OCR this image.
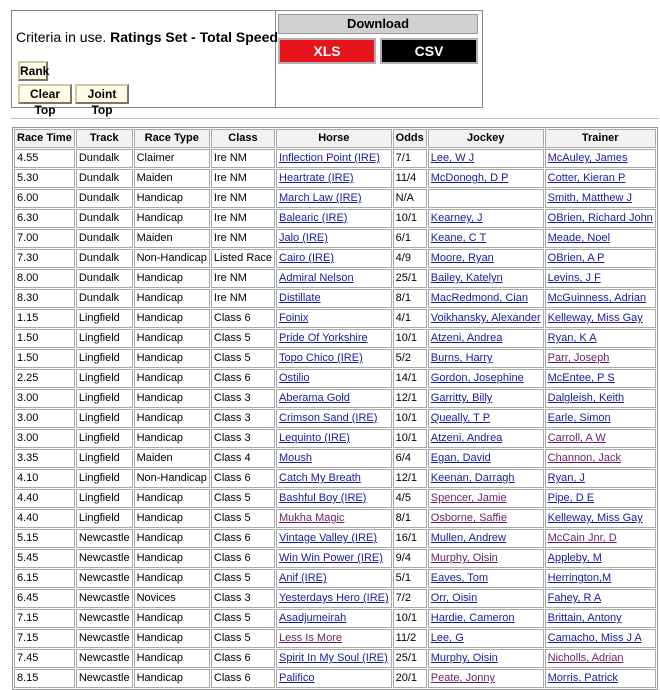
Criteria in use. Ratings Set - Total Speed
Rank
Clear Top
Joint Top
Download
XLS	CSV
Race Time	Track	Race Type	Class	Horse	Odds	Jockey	Trainer
4.55	Dundalk	Claimer	Ire NM	Inflection Point (IRE)	7/1	Lee, W J	McAuley, James
5.30	Dundalk	Maiden	Ire NM	Heartrate (IRE)	11/4	McDonogh, D P	Cotter, Kieran P
6.00	Dundalk	Handicap	Ire NM	March Law (IRE)	N/A		Smith, Matthew J
6.30	Dundalk	Handicap	Ire NM	Balearic (IRE)	10/1	Kearney, J	OBrien, Richard John
7.00	Dundalk	Maiden	Ire NM	Jalo (IRE)	6/1	Keane, C T	Meade, Noel
7.30	Dundalk	Non-Handicap	Listed Race	Cairo (IRE)	4/9	Moore, Ryan	OBrien, A P
8.00	Dundalk	Handicap	Ire NM	Admiral Nelson	25/1	Bailey, Katelyn	Levins, J F
8.30	Dundalk	Handicap	Ire NM	Distillate	8/1	MacRedmond, Cian	McGuinness, Adrian
1.15	Lingfield	Handicap	Class 6	Foinix	4/1	Voikhansky, Alexander	Kelleway, Miss Gay
1.50	Lingfield	Handicap	Class 5	Pride Of Yorkshire	10/1	Atzeni, Andrea	Ryan, K A
1.50	Lingfield	Handicap	Class 5	Topo Chico (IRE)	5/2	Burns, Harry	Parr, Joseph
2.25	Lingfield	Handicap	Class 6	Ostilio	14/1	Gordon, Josephine	McEntee, P S
3.00	Lingfield	Handicap	Class 3	Aberama Gold	12/1	Garritty, Billy	Dalgleish, Keith
3.00	Lingfield	Handicap	Class 3	Crimson Sand (IRE)	10/1	Queally, T P	Earle, Simon
3.00	Lingfield	Handicap	Class 3	Lequinto (IRE)	10/1	Atzeni, Andrea	Carroll, A W
3.35	Lingfield	Maiden	Class 4	Moush	6/4	Egan, David	Channon, Jack
4.10	Lingfield	Non-Handicap	Class 6	Catch My Breath	12/1	Keenan, Darragh	Ryan, J
4.40	Lingfield	Handicap	Class 5	Bashful Boy (IRE)	4/5	Spencer, Jamie	Pipe, D E
4.40	Lingfield	Handicap	Class 5	Mukha Magic	8/1	Osborne, Saffie	Kelleway, Miss Gay
5.15	Newcastle	Handicap	Class 6	Vintage Valley (IRE)	16/1	Mullen, Andrew	McCain Jnr, D
5.45	Newcastle	Handicap	Class 6	Win Win Power (IRE)	9/4	Murphy, Oisin	Appleby, M
6.15	Newcastle	Handicap	Class 5	Anif (IRE)	5/1	Eaves, Tom	Herrington,M
6.45	Newcastle	Novices	Class 3	Yesterdays Hero (IRE)	7/2	Orr, Oisin	Fahey, R A
7.15	Newcastle	Handicap	Class 5	Asadjumeirah	10/1	Hardie, Cameron	Brittain, Antony
7.15	Newcastle	Handicap	Class 5	Less Is More	11/2	Lee, G	Camacho, Miss J A
7.45	Newcastle	Handicap	Class 6	Spirit In My Soul (IRE)	25/1	Murphy, Oisin	Nicholls, Adrian
8.15	Newcastle	Handicap	Class 6	Palifico	20/1	Peate, Jonny	Morris, Patrick
